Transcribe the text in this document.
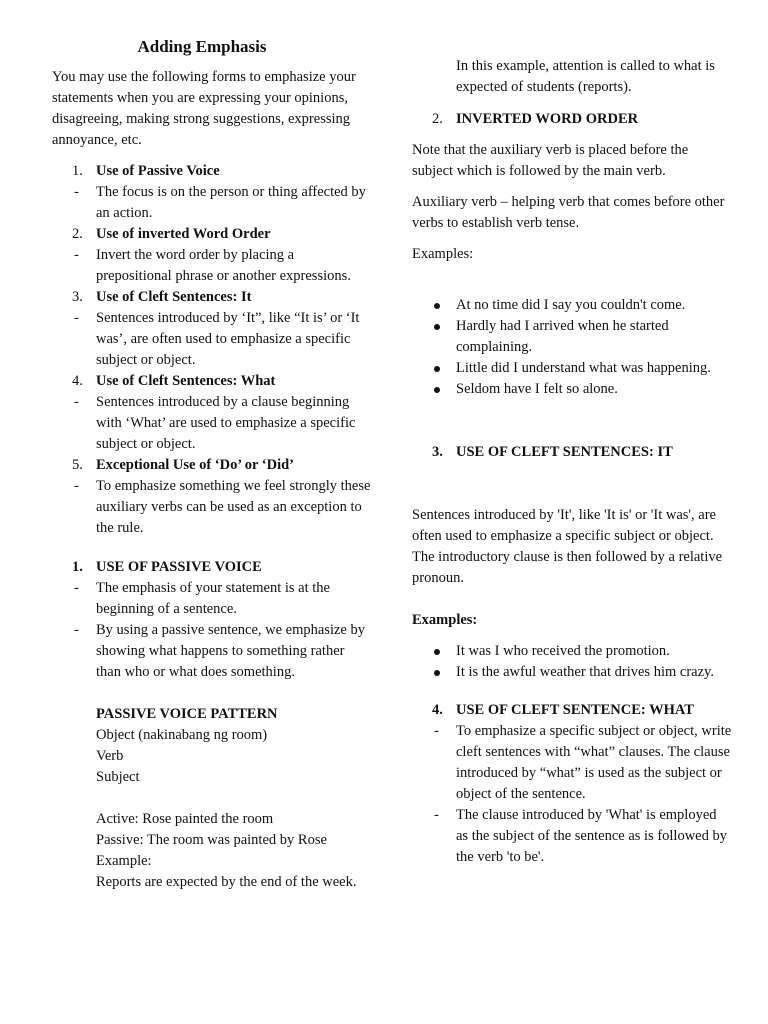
Adding Emphasis

You may use the following forms to emphasize your statements when you are expressing your opinions, disagreeing, making strong suggestions, expressing annoyance, etc.

1. Use of Passive Voice
-	The focus is on the person or thing affected by an action.
2. Use of inverted Word Order
-	Invert the word order by placing a prepositional phrase or another expressions.
3. Use of Cleft Sentences: It
-	Sentences introduced by ‘It”, like “It is’ or ‘It was’, are often used to emphasize a specific subject or object.
4. Use of Cleft Sentences: What
-	Sentences introduced by a clause beginning with ‘What’ are used to emphasize a specific subject or object.
5. Exceptional Use of ‘Do’ or ‘Did’
-	To emphasize something we feel strongly these auxiliary verbs can be used as an exception to the rule.
1. USE OF PASSIVE VOICE
-	The emphasis of your statement is at the beginning of a sentence.
-	By using a passive sentence, we emphasize by showing what happens to something rather than who or what does something.

PASSIVE VOICE PATTERN

Object (nakinabang ng room)

Verb

Subject

Active: Rose painted the room

Passive: The room was painted by Rose

Example:

Reports are expected by the end of the week.

In this example, attention is called to what is expected of students (reports).

2. INVERTED WORD ORDER

Note that the auxiliary verb is placed before the subject which is followed by the main verb.

Auxiliary verb – helping verb that comes before other verbs to establish verb tense.

Examples:

At no time did I say you couldn't come.
Hardly had I arrived when he started complaining.
Little did I understand what was happening.
Seldom have I felt so alone.
3. USE OF CLEFT SENTENCES: IT

Sentences introduced by 'It', like 'It is' or 'It was', are often used to emphasize a specific subject or object. The introductory clause is then followed by a relative pronoun.

Examples:

It was I who received the promotion.
It is the awful weather that drives him crazy.
4. USE OF CLEFT SENTENCE: WHAT
-	To emphasize a specific subject or object, write cleft sentences with “what” clauses. The clause introduced by “what” is used as the subject or object of the sentence.
-	The clause introduced by 'What' is employed as the subject of the sentence as is followed by the verb 'to be'.
